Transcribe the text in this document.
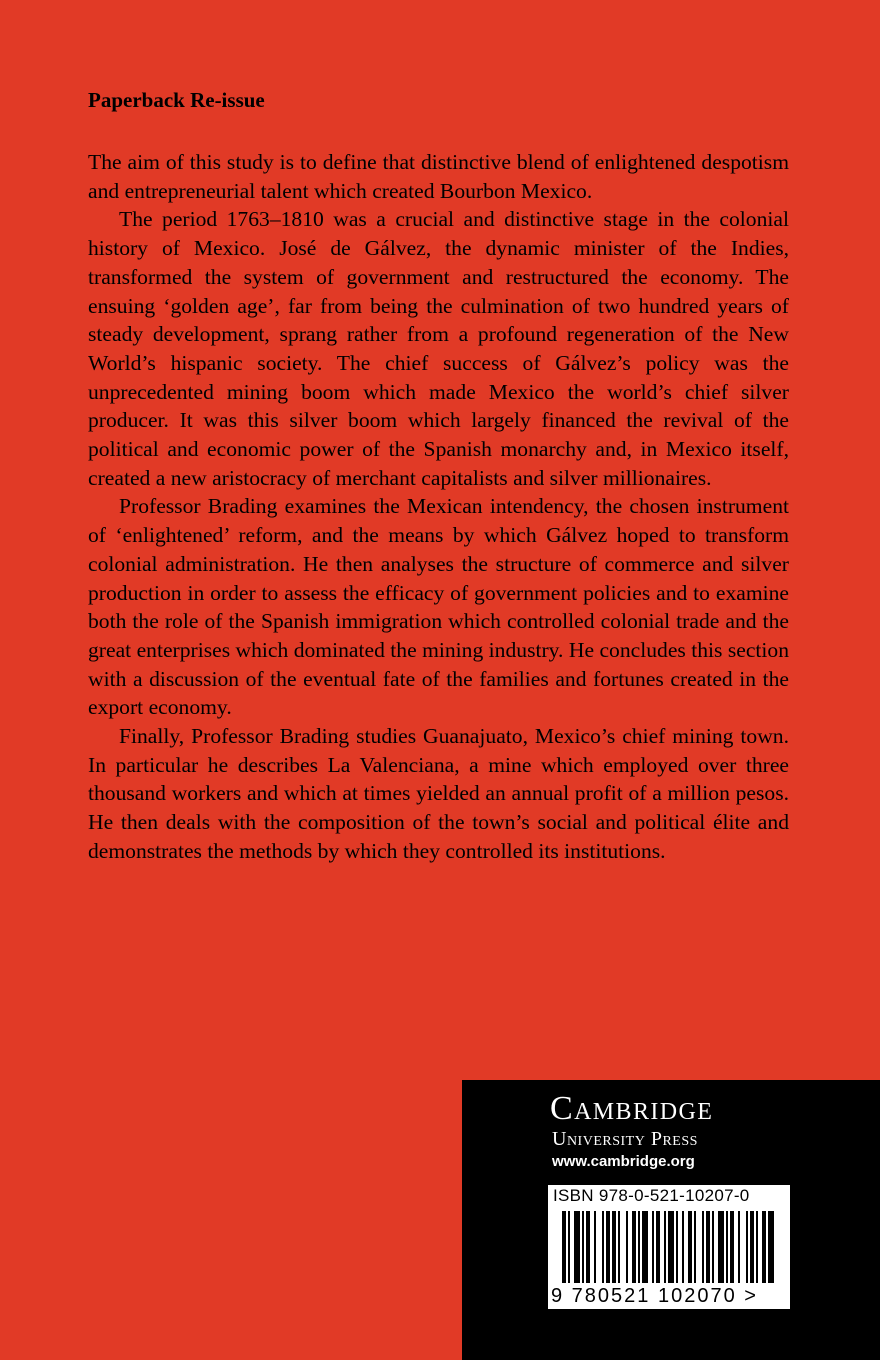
Paperback Re-issue

The aim of this study is to define that distinctive blend of enlightened despotism and entrepreneurial talent which created Bourbon Mexico.

The period 1763–1810 was a crucial and distinctive stage in the colonial history of Mexico. José de Gálvez, the dynamic minister of the Indies, transformed the system of government and restructured the economy. The ensuing ‘golden age’, far from being the culmination of two hundred years of steady development, sprang rather from a profound regeneration of the New World’s hispanic society. The chief success of Gálvez’s policy was the unprecedented mining boom which made Mexico the world’s chief silver producer. It was this silver boom which largely financed the revival of the political and economic power of the Spanish monarchy and, in Mexico itself, created a new aristocracy of merchant capitalists and silver millionaires.

Professor Brading examines the Mexican intendency, the chosen instrument of ‘enlightened’ reform, and the means by which Gálvez hoped to transform colonial administration. He then analyses the structure of commerce and silver production in order to assess the efficacy of government policies and to examine both the role of the Spanish immigration which controlled colonial trade and the great enterprises which dominated the mining industry. He concludes this section with a discussion of the eventual fate of the families and fortunes created in the export economy.

Finally, Professor Brading studies Guanajuato, Mexico’s chief mining town. In particular he describes La Valenciana, a mine which employed over three thousand workers and which at times yielded an annual profit of a million pesos. He then deals with the composition of the town’s social and political élite and demonstrates the methods by which they controlled its institutions.

Cambridge
University Press
www.cambridge.org
ISBN 978-0-521-10207-0
9 780521 102070 >
